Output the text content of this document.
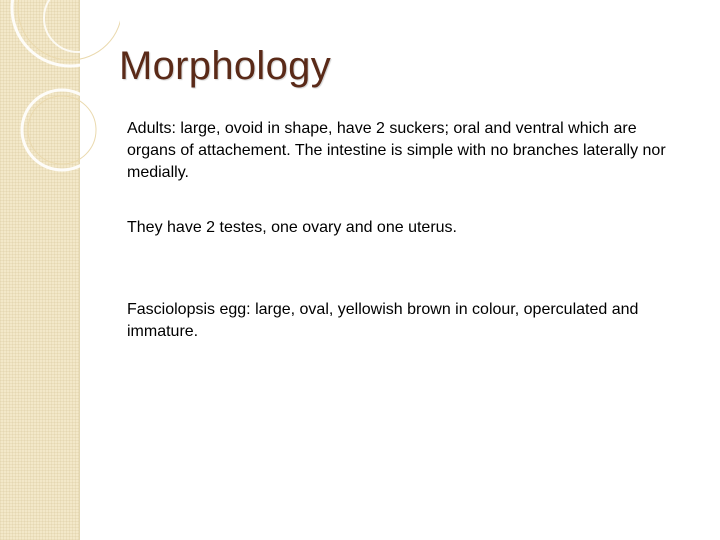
Morphology

Adults: large, ovoid in shape, have 2 suckers; oral and ventral which are organs of attachement. The intestine is simple with no branches laterally nor medially.

They have 2 testes, one ovary and one uterus.

Fasciolopsis egg: large, oval, yellowish brown in colour, operculated and immature.
